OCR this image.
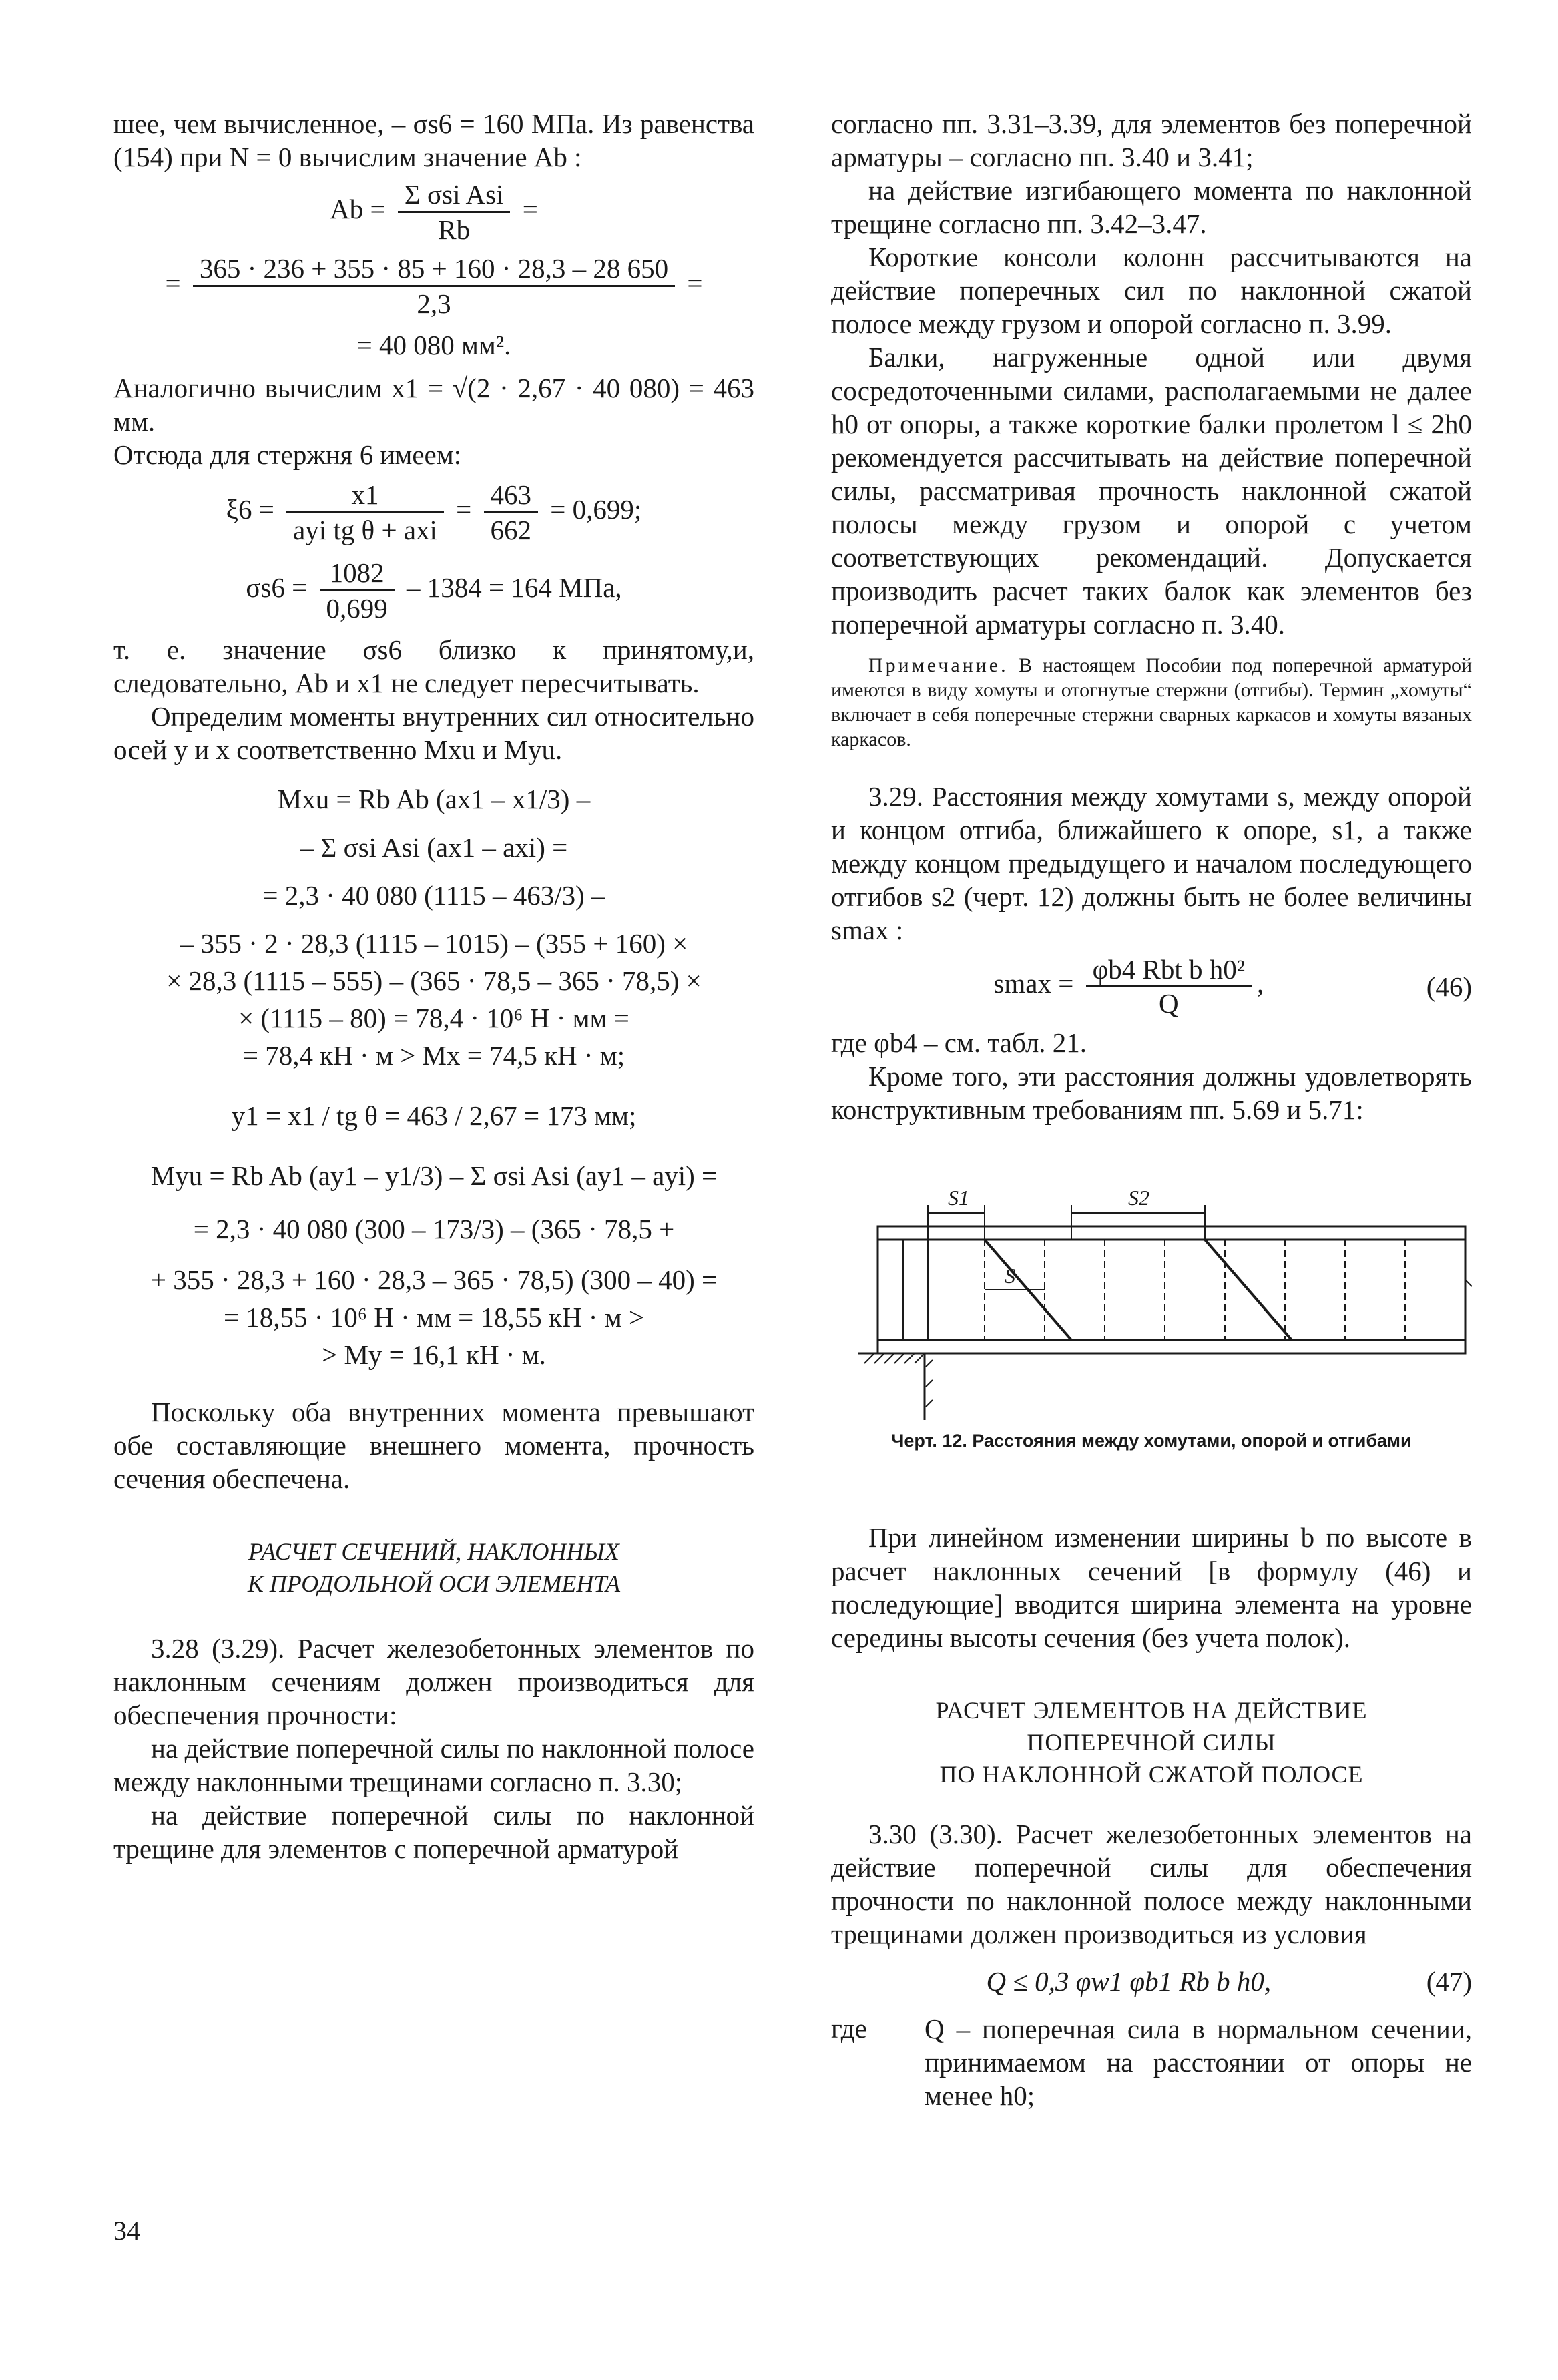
шее, чем вычисленное, – σs6 = 160 МПа. Из равенства (154) при N = 0 вычислим значение Ab :

$Ab = \frac{\text{Σ σsi Asi}}{Rb}$ =
= $\frac{365 \cdot 236 + 355 \cdot 85 + 160 \cdot 28,3 - 28 650}{2,3}$ =
= 40 080 мм².

Аналогично вычислим x1 = √(2 · 2,67 · 40 080) = 463 мм.

Отсюда для стержня 6 имеем:

$\xi 6 = \frac{x1}{\text{ayi tg θ + axi}} = \frac{463}{662} = 0,699$;
$\sigma s6 = \frac{1082}{0,699} - 1384 = 164$ МПа,

т. е. значение σs6 близко к принятому,и, следовательно, Ab и x1 не следует пересчитывать.

Определим моменты внутренних сил относительно осей y и x соответственно Mxu и Myu.

Mxu = Rb Ab (ax1 – x1/3) –
– Σ σsi Asi (ax1 – axi) =
= 2,3 · 40 080 (1115 – 463/3) –
– 355 · 2 · 28,3 (1115 – 1015) – (355 + 160) ×
× 28,3 (1115 – 555) – (365 · 78,5 – 365 · 78,5) ×
× (1115 – 80) = 78,4 · 10⁶ Н · мм =
= 78,4 кН · м > Mx = 74,5 кН · м;
y1 = x1 / tg θ = 463 / 2,67 = 173 мм;
Myu = Rb Ab (ay1 – y1/3) – Σ σsi Asi (ay1 – ayi) =
= 2,3 · 40 080 (300 – 173/3) – (365 · 78,5 +
+ 355 · 28,3 + 160 · 28,3 – 365 · 78,5) (300 – 40) =
= 18,55 · 10⁶ Н · мм = 18,55 кН · м >
> My = 16,1 кН · м.

Поскольку оба внутренних момента превышают обе составляющие внешнего момента, прочность сечения обеспечена.

РАСЧЕТ СЕЧЕНИЙ, НАКЛОННЫХ
К ПРОДОЛЬНОЙ ОСИ ЭЛЕМЕНТА

3.28 (3.29). Расчет железобетонных элементов по наклонным сечениям должен производиться для обеспечения прочности:

на действие поперечной силы по наклонной полосе между наклонными трещинами согласно п. 3.30;

на действие поперечной силы по наклонной трещине для элементов с поперечной арматурой

согласно пп. 3.31–3.39, для элементов без поперечной арматуры – согласно пп. 3.40 и 3.41;

на действие изгибающего момента по наклонной трещине согласно пп. 3.42–3.47.

Короткие консоли колонн рассчитываются на действие поперечных сил по наклонной сжатой полосе между грузом и опорой согласно п. 3.99.

Балки, нагруженные одной или двумя сосредоточенными силами, располагаемыми не далее h0 от опоры, а также короткие балки пролетом l ≤ 2h0 рекомендуется рассчитывать на действие поперечной силы, рассматривая прочность наклонной сжатой полосы между грузом и опорой с учетом соответствующих рекомендаций. Допускается производить расчет таких балок как элементов без поперечной арматуры согласно п. 3.40.

Примечание. В настоящем Пособии под поперечной арматурой имеются в виду хомуты и отогнутые стержни (отгибы). Термин „хомуты“ включает в себя поперечные стержни сварных каркасов и хомуты вязаных каркасов.

3.29. Расстояния между хомутами s, между опорой и концом отгиба, ближайшего к опоре, s1, а также между концом предыдущего и началом последующего отгибов s2 (черт. 12) должны быть не более величины smax :

$smax = \frac{\text{φb4 Rbt b h0²}}{Q}$ ,	(46)

где φb4 – см. табл. 21.

Кроме того, эти расстояния должны удовлетворять конструктивным требованиям пп. 5.69 и 5.71:

S1	S2
S
Черт. 12. Расстояния между хомутами, опорой и отгибами

При линейном изменении ширины b по высоте в расчет наклонных сечений [в формулу (46) и последующие] вводится ширина элемента на уровне середины высоты сечения (без учета полок).

РАСЧЕТ ЭЛЕМЕНТОВ НА ДЕЙСТВИЕ
ПОПЕРЕЧНОЙ СИЛЫ
ПО НАКЛОННОЙ СЖАТОЙ ПОЛОСЕ

3.30 (3.30). Расчет железобетонных элементов на действие поперечной силы для обеспечения прочности по наклонной полосе между наклонными трещинами должен производиться из условия

Q ≤ 0,3 φw1 φb1 Rb b h0,	(47)
где	Q – поперечная сила в нормальном сечении, принимаемом на расстоянии от опоры не менее h0;

34
